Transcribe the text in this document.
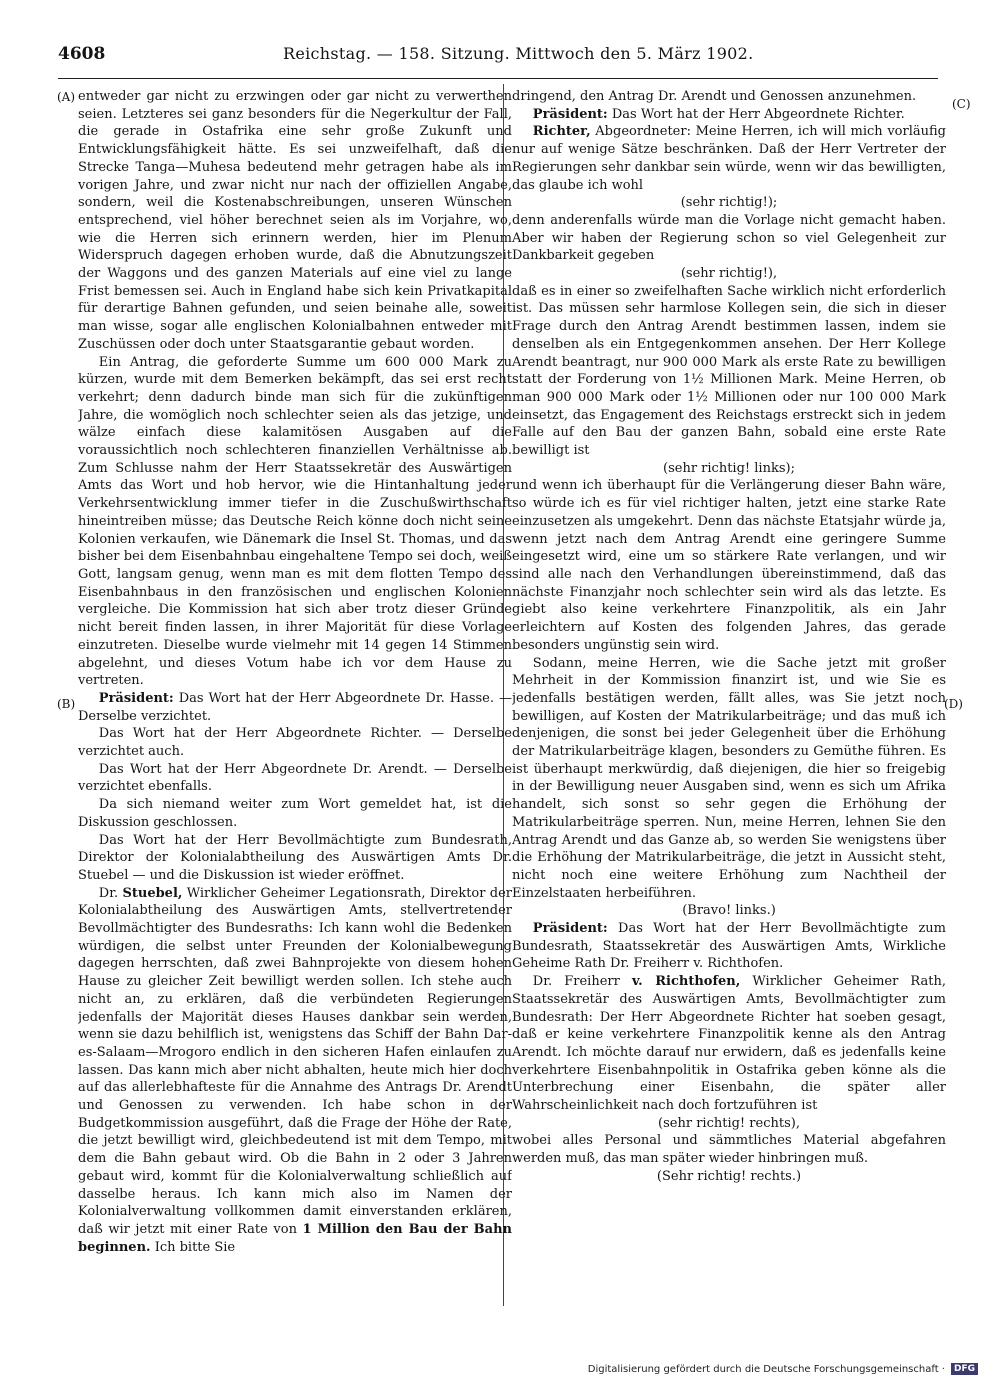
4608	Reichstag. — 158. Sitzung. Mittwoch den 5. März 1902.
(A)
(B)
(C)
(D)

entweder gar nicht zu erzwingen oder gar nicht zu verwerthen seien. Letzteres sei ganz besonders für die Negerkultur der Fall, die gerade in Ostafrika eine sehr große Zukunft und Entwicklungsfähigkeit hätte. Es sei unzweifelhaft, daß die Strecke Tanga—Muhesa bedeutend mehr getragen habe als im vorigen Jahre, und zwar nicht nur nach der offiziellen Angabe, sondern, weil die Kostenabschreibungen, unseren Wünschen entsprechend, viel höher berechnet seien als im Vorjahre, wo, wie die Herren sich erinnern werden, hier im Plenum Widerspruch dagegen erhoben wurde, daß die Abnutzungszeit der Waggons und des ganzen Materials auf eine viel zu lange Frist bemessen sei. Auch in England habe sich kein Privatkapital für derartige Bahnen gefunden, und seien beinahe alle, soweit man wisse, sogar alle englischen Kolonialbahnen entweder mit Zuschüssen oder doch unter Staatsgarantie gebaut worden.

Ein Antrag, die geforderte Summe um 600 000 Mark zu kürzen, wurde mit dem Bemerken bekämpft, das sei erst recht verkehrt; denn dadurch binde man sich für die zukünftigen Jahre, die womöglich noch schlechter seien als das jetzige, und wälze einfach diese kalamitösen Ausgaben auf die voraussichtlich noch schlechteren finanziellen Verhältnisse ab. Zum Schlusse nahm der Herr Staatssekretär des Auswärtigen Amts das Wort und hob hervor, wie die Hintanhaltung jeder Verkehrsentwicklung immer tiefer in die Zuschußwirthschaft hineintreiben müsse; das Deutsche Reich könne doch nicht seine Kolonien verkaufen, wie Dänemark die Insel St. Thomas, und das bisher bei dem Eisenbahnbau eingehaltene Tempo sei doch, weiß Gott, langsam genug, wenn man es mit dem flotten Tempo des Eisenbahnbaus in den französischen und englischen Kolonien vergleiche. Die Kommission hat sich aber trotz dieser Gründe nicht bereit finden lassen, in ihrer Majorität für diese Vorlage einzutreten. Dieselbe wurde vielmehr mit 14 gegen 14 Stimmen abgelehnt, und dieses Votum habe ich vor dem Hause zu vertreten.

Präsident: Das Wort hat der Herr Abgeordnete Dr. Hasse. — Derselbe verzichtet.

Das Wort hat der Herr Abgeordnete Richter. — Derselbe verzichtet auch.

Das Wort hat der Herr Abgeordnete Dr. Arendt. — Derselbe verzichtet ebenfalls.

Da sich niemand weiter zum Wort gemeldet hat, ist die Diskussion geschlossen.

Das Wort hat der Herr Bevollmächtigte zum Bundesrath, Direktor der Kolonialabtheilung des Auswärtigen Amts Dr. Stuebel — und die Diskussion ist wieder eröffnet.

Dr. Stuebel, Wirklicher Geheimer Legationsrath, Direktor der Kolonialabtheilung des Auswärtigen Amts, stellvertretender Bevollmächtigter des Bundesraths: Ich kann wohl die Bedenken würdigen, die selbst unter Freunden der Kolonialbewegung dagegen herrschten, daß zwei Bahnprojekte von diesem hohen Hause zu gleicher Zeit bewilligt werden sollen. Ich stehe auch nicht an, zu erklären, daß die verbündeten Regierungen jedenfalls der Majorität dieses Hauses dankbar sein werden, wenn sie dazu behilflich ist, wenigstens das Schiff der Bahn Dar-es-Salaam—Mrogoro endlich in den sicheren Hafen einlaufen zu lassen. Das kann mich aber nicht abhalten, heute mich hier doch auf das allerlebhafteste für die Annahme des Antrags Dr. Arendt und Genossen zu verwenden. Ich habe schon in der Budgetkommission ausgeführt, daß die Frage der Höhe der Rate, die jetzt bewilligt wird, gleichbedeutend ist mit dem Tempo, mit dem die Bahn gebaut wird. Ob die Bahn in 2 oder 3 Jahren gebaut wird, kommt für die Kolonialverwaltung schließlich auf dasselbe heraus. Ich kann mich also im Namen der Kolonialverwaltung vollkommen damit einverstanden erklären, daß wir jetzt mit einer Rate von 1 Million den Bau der Bahn beginnen. Ich bitte Sie

dringend, den Antrag Dr. Arendt und Genossen anzunehmen.

Präsident: Das Wort hat der Herr Abgeordnete Richter.

Richter, Abgeordneter: Meine Herren, ich will mich vorläufig nur auf wenige Sätze beschränken. Daß der Herr Vertreter der Regierungen sehr dankbar sein würde, wenn wir das bewilligten, das glaube ich wohl

(sehr richtig!);

denn anderenfalls würde man die Vorlage nicht gemacht haben. Aber wir haben der Regierung schon so viel Gelegenheit zur Dankbarkeit gegeben

(sehr richtig!),

daß es in einer so zweifelhaften Sache wirklich nicht erforderlich ist. Das müssen sehr harmlose Kollegen sein, die sich in dieser Frage durch den Antrag Arendt bestimmen lassen, indem sie denselben als ein Entgegenkommen ansehen. Der Herr Kollege Arendt beantragt, nur 900 000 Mark als erste Rate zu bewilligen statt der Forderung von 1½ Millionen Mark. Meine Herren, ob man 900 000 Mark oder 1½ Millionen oder nur 100 000 Mark einsetzt, das Engagement des Reichstags erstreckt sich in jedem Falle auf den Bau der ganzen Bahn, sobald eine erste Rate bewilligt ist

(sehr richtig! links);

und wenn ich überhaupt für die Verlängerung dieser Bahn wäre, so würde ich es für viel richtiger halten, jetzt eine starke Rate einzusetzen als umgekehrt. Denn das nächste Etatsjahr würde ja, wenn jetzt nach dem Antrag Arendt eine geringere Summe eingesetzt wird, eine um so stärkere Rate verlangen, und wir sind alle nach den Verhandlungen übereinstimmend, daß das nächste Finanzjahr noch schlechter sein wird als das letzte. Es giebt also keine verkehrtere Finanzpolitik, als ein Jahr erleichtern auf Kosten des folgenden Jahres, das gerade besonders ungünstig sein wird.

Sodann, meine Herren, wie die Sache jetzt mit großer Mehrheit in der Kommission finanzirt ist, und wie Sie es jedenfalls bestätigen werden, fällt alles, was Sie jetzt noch bewilligen, auf Kosten der Matrikularbeiträge; und das muß ich denjenigen, die sonst bei jeder Gelegenheit über die Erhöhung der Matrikularbeiträge klagen, besonders zu Gemüthe führen. Es ist überhaupt merkwürdig, daß diejenigen, die hier so freigebig in der Bewilligung neuer Ausgaben sind, wenn es sich um Afrika handelt, sich sonst so sehr gegen die Erhöhung der Matrikularbeiträge sperren. Nun, meine Herren, lehnen Sie den Antrag Arendt und das Ganze ab, so werden Sie wenigstens über die Erhöhung der Matrikularbeiträge, die jetzt in Aussicht steht, nicht noch eine weitere Erhöhung zum Nachtheil der Einzelstaaten herbeiführen.

(Bravo! links.)

Präsident: Das Wort hat der Herr Bevollmächtigte zum Bundesrath, Staatssekretär des Auswärtigen Amts, Wirkliche Geheime Rath Dr. Freiherr v. Richthofen.

Dr. Freiherr v. Richthofen, Wirklicher Geheimer Rath, Staatssekretär des Auswärtigen Amts, Bevollmächtigter zum Bundesrath: Der Herr Abgeordnete Richter hat soeben gesagt, daß er keine verkehrtere Finanzpolitik kenne als den Antrag Arendt. Ich möchte darauf nur erwidern, daß es jedenfalls keine verkehrtere Eisenbahnpolitik in Ostafrika geben könne als die Unterbrechung einer Eisenbahn, die später aller Wahrscheinlichkeit nach doch fortzuführen ist

(sehr richtig! rechts),

wobei alles Personal und sämmtliches Material abgefahren werden muß, das man später wieder hinbringen muß.

(Sehr richtig! rechts.)

Digitalisierung gefördert durch die Deutsche Forschungsgemeinschaft ·	DFG
